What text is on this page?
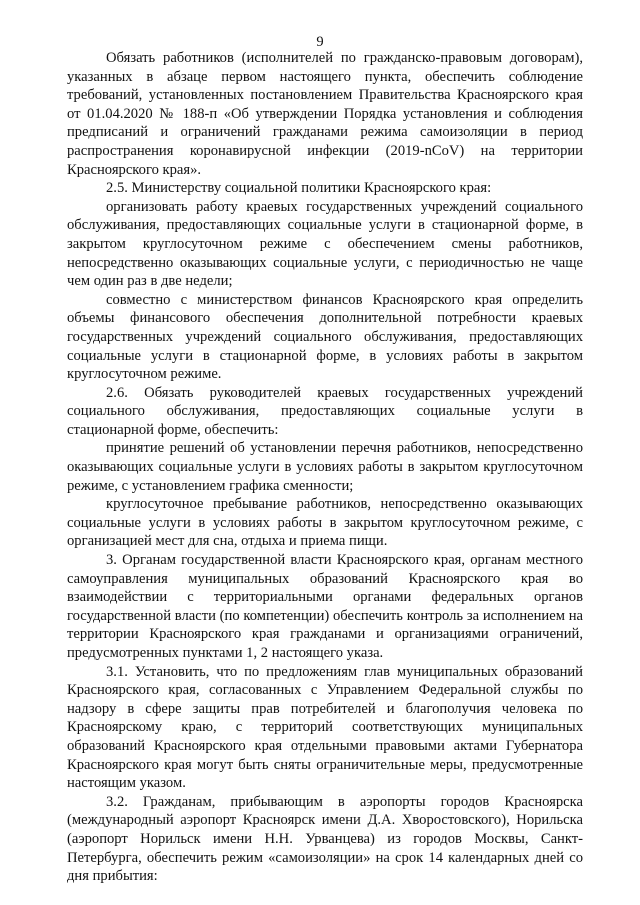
9

Обязать работников (исполнителей по гражданско-правовым договорам), указанных в абзаце первом настоящего пункта, обеспечить соблюдение требований, установленных постановлением Правительства Красноярского края от 01.04.2020 № 188-п «Об утверждении Порядка установления и соблюдения предписаний и ограничений гражданами режима самоизоляции в период распространения коронавирусной инфекции (2019-nCoV) на территории Красноярского края».

2.5. Министерству социальной политики Красноярского края:

организовать работу краевых государственных учреждений социального обслуживания, предоставляющих социальные услуги в стационарной форме, в закрытом круглосуточном режиме с обеспечением смены работников, непосредственно оказывающих социальные услуги, с периодичностью не чаще чем один раз в две недели;

совместно с министерством финансов Красноярского края определить объемы финансового обеспечения дополнительной потребности краевых государственных учреждений социального обслуживания, предоставляющих социальные услуги в стационарной форме, в условиях работы в закрытом круглосуточном режиме.

2.6. Обязать руководителей краевых государственных учреждений социального обслуживания, предоставляющих социальные услуги в стационарной форме, обеспечить:

принятие решений об установлении перечня работников, непосредственно оказывающих социальные услуги в условиях работы в закрытом круглосуточном режиме, с установлением графика сменности;

круглосуточное пребывание работников, непосредственно оказывающих социальные услуги в условиях работы в закрытом круглосуточном режиме, с организацией мест для сна, отдыха и приема пищи.

3. Органам государственной власти Красноярского края, органам местного самоуправления муниципальных образований Красноярского края во взаимодействии с территориальными органами федеральных органов государственной власти (по компетенции) обеспечить контроль за исполнением на территории Красноярского края гражданами и организациями ограничений, предусмотренных пунктами 1, 2 настоящего указа.

3.1. Установить, что по предложениям глав муниципальных образований Красноярского края, согласованных с Управлением Федеральной службы по надзору в сфере защиты прав потребителей и благополучия человека по Красноярскому краю, с территорий соответствующих муниципальных образований Красноярского края отдельными правовыми актами Губернатора Красноярского края могут быть сняты ограничительные меры, предусмотренные настоящим указом.

3.2. Гражданам, прибывающим в аэропорты городов Красноярска (международный аэропорт Красноярск имени Д.А. Хворостовского), Норильска (аэропорт Норильск имени Н.Н. Урванцева) из городов Москвы, Санкт-Петербурга, обеспечить режим «самоизоляции» на срок 14 календарных дней со дня прибытия:
